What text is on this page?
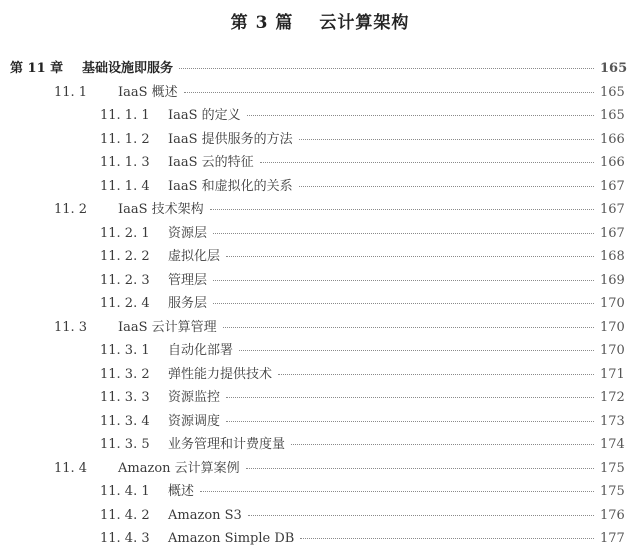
第 3 篇 云计算架构
第 11 章	基础设施即服务	165
11. 1	IaaS 概述	165
11. 1. 1	IaaS 的定义	165
11. 1. 2	IaaS 提供服务的方法	166
11. 1. 3	IaaS 云的特征	166
11. 1. 4	IaaS 和虚拟化的关系	167
11. 2	IaaS 技术架构	167
11. 2. 1	资源层	167
11. 2. 2	虚拟化层	168
11. 2. 3	管理层	169
11. 2. 4	服务层	170
11. 3	IaaS 云计算管理	170
11. 3. 1	自动化部署	170
11. 3. 2	弹性能力提供技术	171
11. 3. 3	资源监控	172
11. 3. 4	资源调度	173
11. 3. 5	业务管理和计费度量	174
11. 4	Amazon 云计算案例	175
11. 4. 1	概述	175
11. 4. 2	Amazon S3	176
11. 4. 3	Amazon Simple DB	177
